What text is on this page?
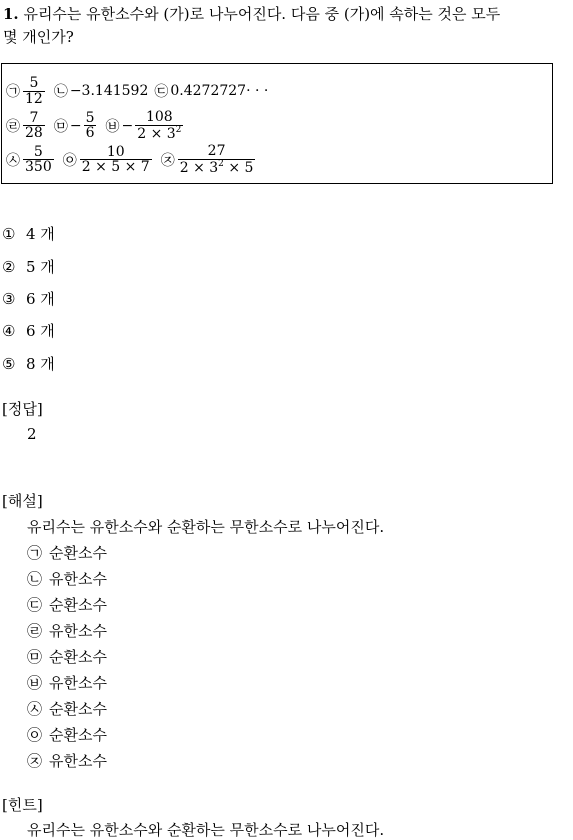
1. 유리수는 유한소수와 (가)로 나누어진다. 다음 중 (가)에 속하는 것은 모두
몇 개인가?
㉠ $\frac{5}{12}$ ㉡ −3.141592 ㉢ 0.4272727· · ·
㉣ $\frac{7}{28}$ ㉤ − $\frac{5}{6}$ ㉥ − $\frac{108}{2 \times 3^2}$
㉦ $\frac{5}{350}$ ㉧ $\frac{10}{2 \times 5 \times 7}$ ㉨ $\frac{27}{2 \times 3^2 \times 5}$
① 4 개
② 5 개
③ 6 개
④ 6 개
⑤ 8 개
[정답]
2
[해설]
유리수는 유한소수와 순환하는 무한소수로 나누어진다.
㉠ 순환소수
㉡ 유한소수
㉢ 순환소수
㉣ 유한소수
㉤ 순환소수
㉥ 유한소수
㉦ 순환소수
㉧ 순환소수
㉨ 유한소수
[힌트]
유리수는 유한소수와 순환하는 무한소수로 나누어진다.
